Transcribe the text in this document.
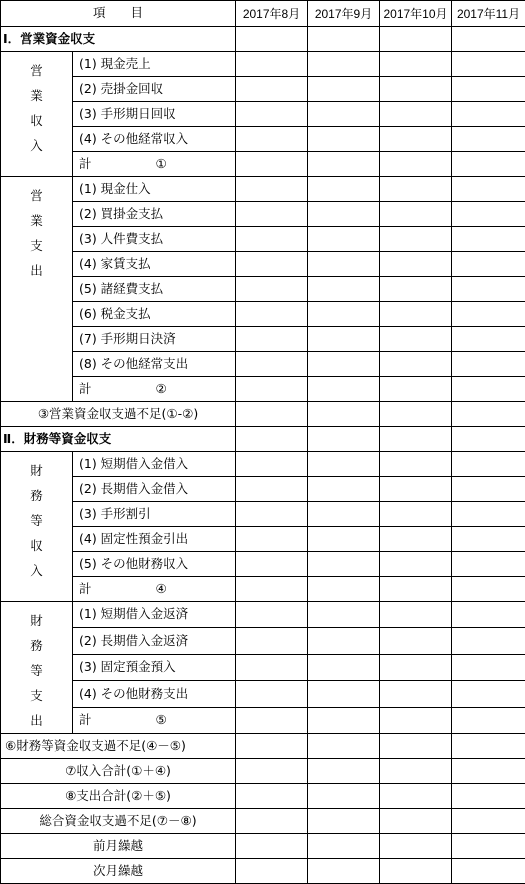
項　　目		2017年8月	2017年9月	2017年10月	2017年11月
Ⅰ．営業資金収支					

営
業
収
入	(1) 現金売上				
	(2) 売掛金回収				
	(3) 手形期日回収				
	(4) その他経常収入				
	計 ①				

営
業
支
出	(1) 現金仕入				
	(2) 買掛金支払				
	(3) 人件費支払				
	(4) 家賃支払				
	(5) 諸経費支払				
	(6) 税金支払				
	(7) 手形期日決済				
	(8) その他経常支出				
	計 ②				
③営業資金収支過不足(①-②)					
Ⅱ．財務等資金収支					

財
務
等
収
入	(1) 短期借入金借入				
	(2) 長期借入金借入				
	(3) 手形割引				
	(4) 固定性預金引出				
	(5) その他財務収入				
	計 ④				

財
務
等
支
出	(1) 短期借入金返済				
	(2) 長期借入金返済				
	(3) 固定預金預入				
	(4) その他財務支出				
	計 ⑤				
⑥財務等資金収支過不足(④－⑤)					
⑦収入合計(①＋④)					
⑧支出合計(②＋⑤)					
総合資金収支過不足(⑦－⑧)					
前月繰越					
次月繰越					
